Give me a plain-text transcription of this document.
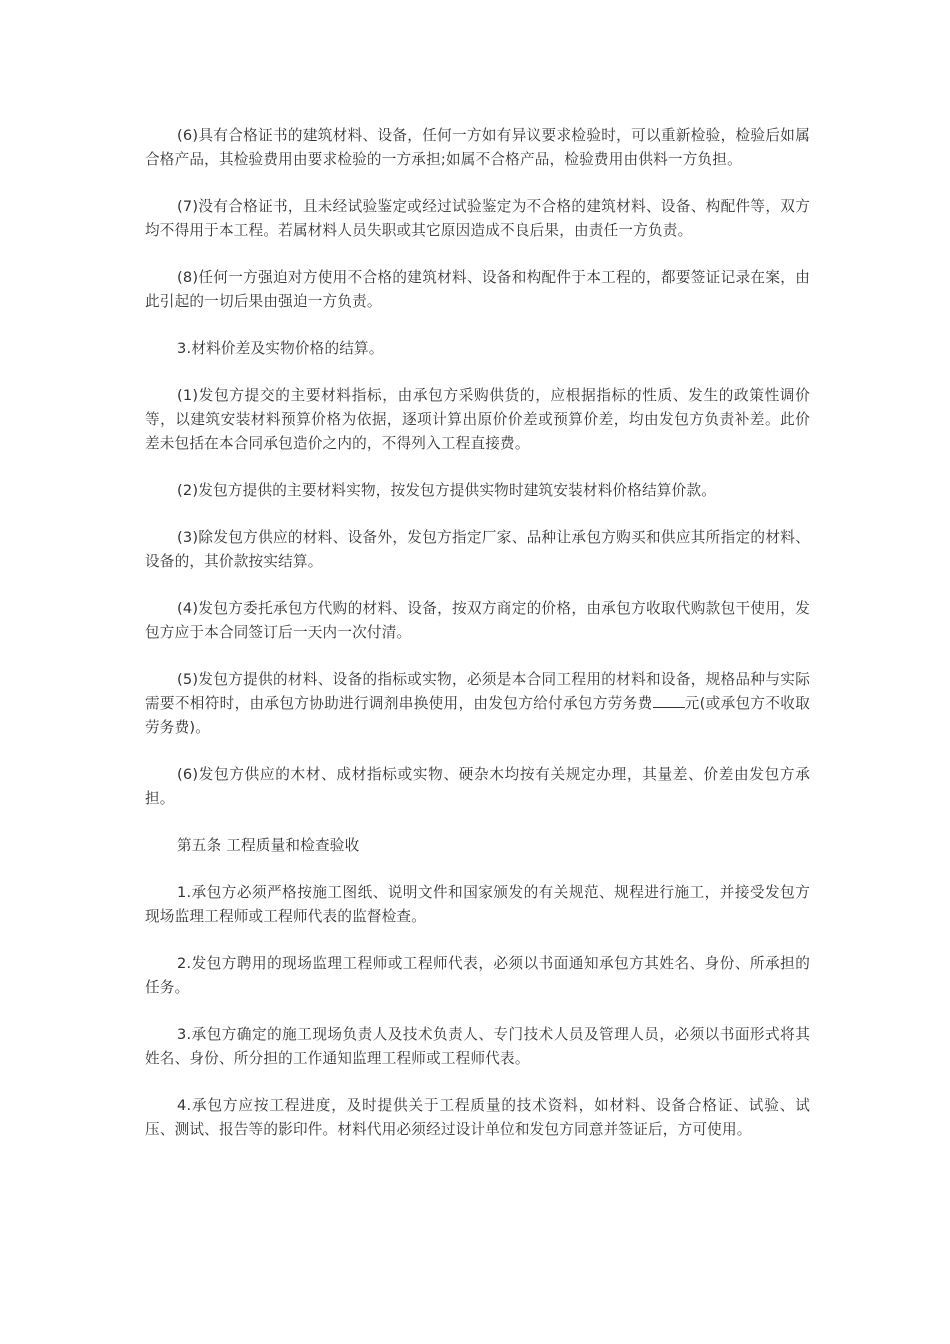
(6)具有合格证书的建筑材料、设备，任何一方如有异议要求检验时，可以重新检验，检验后如属合格产品，其检验费用由要求检验的一方承担;如属不合格产品，检验费用由供料一方负担。

(7)没有合格证书，且未经试验鉴定或经过试验鉴定为不合格的建筑材料、设备、构配件等，双方均不得用于本工程。若属材料人员失职或其它原因造成不良后果，由责任一方负责。

(8)任何一方强迫对方使用不合格的建筑材料、设备和构配件于本工程的，都要签证记录在案，由此引起的一切后果由强迫一方负责。

3.材料价差及实物价格的结算。

(1)发包方提交的主要材料指标，由承包方采购供货的，应根据指标的性质、发生的政策性调价等，以建筑安装材料预算价格为依据，逐项计算出原价价差或预算价差，均由发包方负责补差。此价差未包括在本合同承包造价之内的，不得列入工程直接费。

(2)发包方提供的主要材料实物，按发包方提供实物时建筑安装材料价格结算价款。

(3)除发包方供应的材料、设备外，发包方指定厂家、品种让承包方购买和供应其所指定的材料、设备的，其价款按实结算。

(4)发包方委托承包方代购的材料、设备，按双方商定的价格，由承包方收取代购款包干使用，发包方应于本合同签订后一天内一次付清。

(5)发包方提供的材料、设备的指标或实物，必须是本合同工程用的材料和设备，规格品种与实际需要不相符时，由承包方协助进行调剂串换使用，由发包方给付承包方劳务费 元(或承包方不收取劳务费)。

(6)发包方供应的木材、成材指标或实物、硬杂木均按有关规定办理，其量差、价差由发包方承担。

第五条 工程质量和检查验收

1.承包方必须严格按施工图纸、说明文件和国家颁发的有关规范、规程进行施工，并接受发包方现场监理工程师或工程师代表的监督检查。

2.发包方聘用的现场监理工程师或工程师代表，必须以书面通知承包方其姓名、身份、所承担的任务。

3.承包方确定的施工现场负责人及技术负责人、专门技术人员及管理人员，必须以书面形式将其姓名、身份、所分担的工作通知监理工程师或工程师代表。

4.承包方应按工程进度，及时提供关于工程质量的技术资料，如材料、设备合格证、试验、试压、测试、报告等的影印件。材料代用必须经过设计单位和发包方同意并签证后，方可使用。
